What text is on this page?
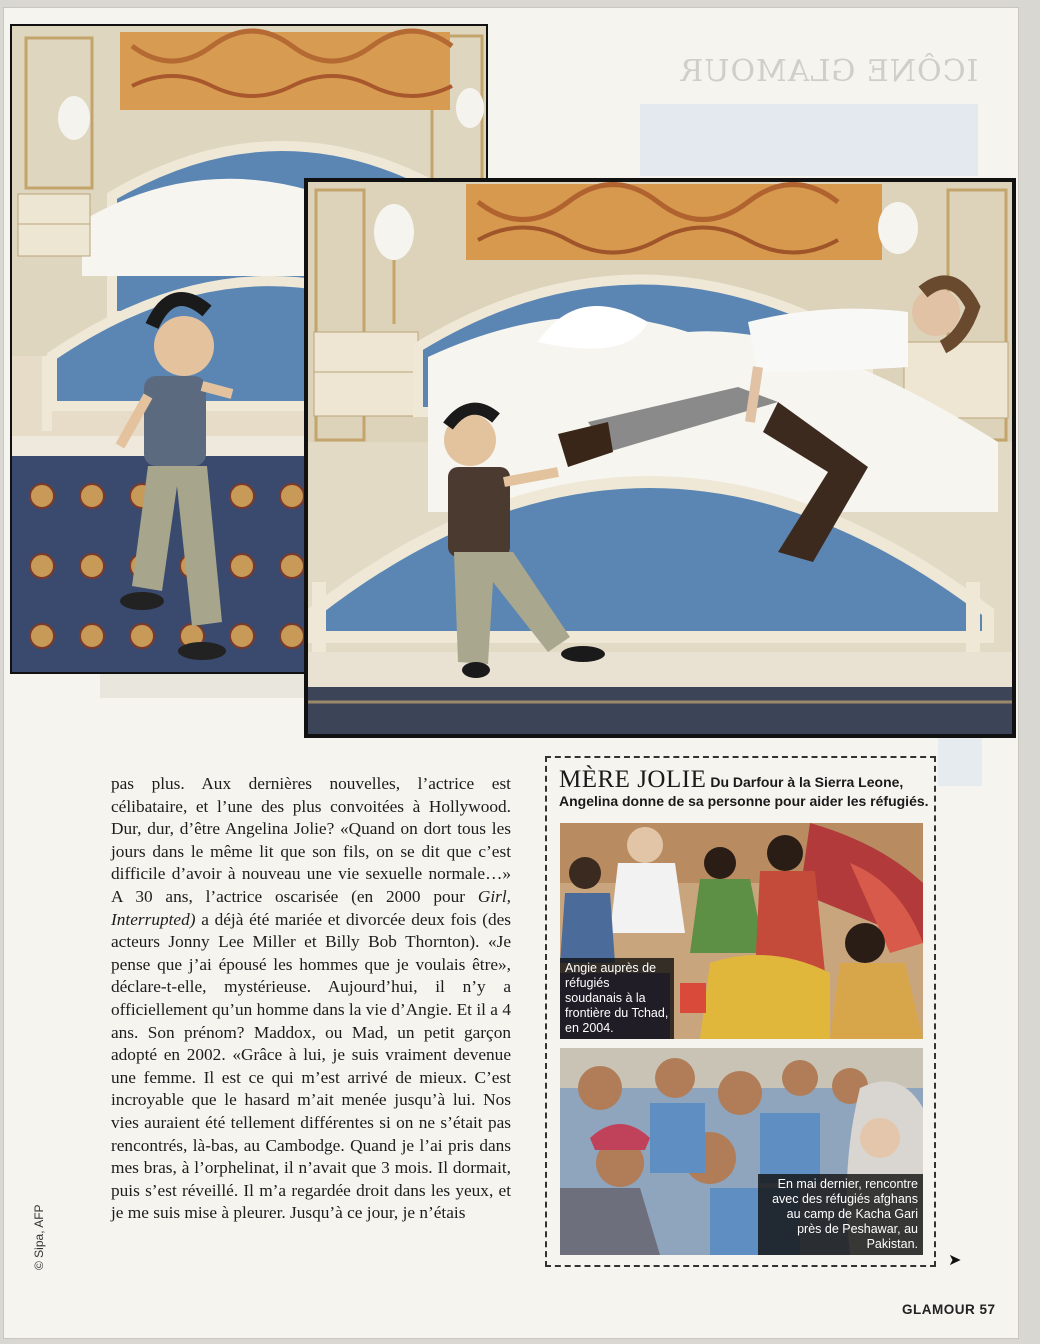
ICÔNE GLAMOUR
© Sipa, AFP

pas plus. Aux dernières nouvelles, l’actrice est célibataire, et l’une des plus convoitées à Hollywood. Dur, dur, d’être Angelina Jolie? «Quand on dort tous les jours dans le même lit que son fils, on se dit que c’est difficile d’avoir à nouveau une vie sexuelle normale…» A 30 ans, l’actrice oscarisée (en 2000 pour Girl, Interrupted) a déjà été mariée et divorcée deux fois (des acteurs Jonny Lee Miller et Billy Bob Thornton). «Je pense que j’ai épousé les hommes que je voulais être», déclare-t-elle, mystérieuse. Aujourd’hui, il n’y a officiellement qu’un homme dans la vie d’Angie. Et il a 4 ans. Son prénom? Maddox, ou Mad, un petit garçon adopté en 2002. «Grâce à lui, je suis vraiment devenue une femme. Il est ce qui m’est arrivé de mieux. C’est incroyable que le hasard m’ait menée jusqu’à lui. Nos vies auraient été tellement différentes si on ne s’était pas rencontrés, là-bas, au Cambodge. Quand je l’ai pris dans mes bras, à l’orphelinat, il n’avait que 3 mois. Il dormait, puis s’est réveillé. Il m’a regardée droit dans les yeux, et je me suis mise à pleurer. Jusqu’à ce jour, je n’étais

MÈRE JOLIE Du Darfour à la Sierra Leone, Angelina donne de sa personne pour aider les réfugiés.

Angie auprès de réfugiés soudanais à la frontière du Tchad, en 2004.
En mai dernier, rencontre avec des réfugiés afghans au camp de Kacha Gari près de Peshawar, au Pakistan.
➤
GLAMOUR 57
